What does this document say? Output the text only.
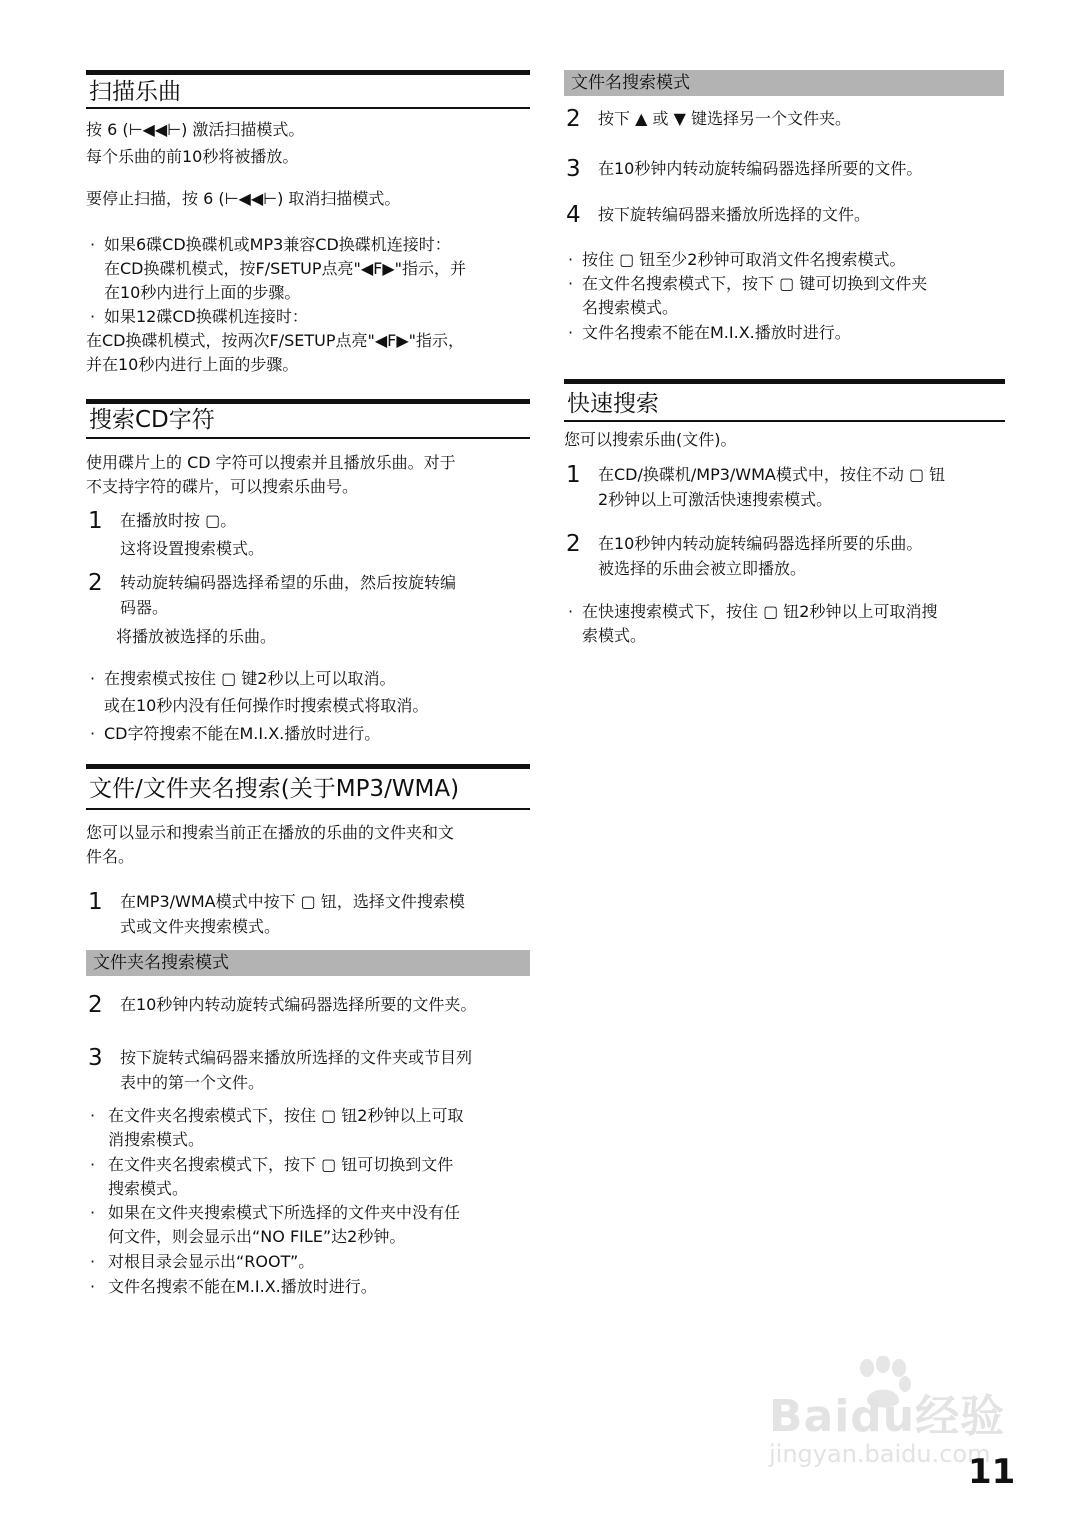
扫描乐曲
按 6 (⊢◀◀⊢) 激活扫描模式。
每个乐曲的前10秒将被播放。
要停止扫描，按 6 (⊢◀◀⊢) 取消扫描模式。
· 如果6碟CD换碟机或MP3兼容CD换碟机连接时：
在CD换碟机模式，按F/SETUP点亮"◀F▶"指示，并
在10秒内进行上面的步骤。
· 如果12碟CD换碟机连接时：
在CD换碟机模式，按两次F/SETUP点亮"◀F▶"指示，
并在10秒内进行上面的步骤。
搜索CD字符
使用碟片上的 CD 字符可以搜索并且播放乐曲。对于
不支持字符的碟片，可以搜索乐曲号。
1 在播放时按 ▢。
这将设置搜索模式。
2 转动旋转编码器选择希望的乐曲，然后按旋转编
码器。
将播放被选择的乐曲。
· 在搜索模式按住 ▢ 键2秒以上可以取消。
或在10秒内没有任何操作时搜索模式将取消。
· CD字符搜索不能在M.I.X.播放时进行。
文件/文件夹名搜索(关于MP3/WMA)
您可以显示和搜索当前正在播放的乐曲的文件夹和文
件名。
1 在MP3/WMA模式中按下 ▢ 钮，选择文件搜索模
式或文件夹搜索模式。
文件夹名搜索模式
2 在10秒钟内转动旋转式编码器选择所要的文件夹。
3 按下旋转式编码器来播放所选择的文件夹或节目列
表中的第一个文件。
· 在文件夹名搜索模式下，按住 ▢ 钮2秒钟以上可取
消搜索模式。
· 在文件夹名搜索模式下，按下 ▢ 钮可切换到文件
搜索模式。
· 如果在文件夹搜索模式下所选择的文件夹中没有任
何文件，则会显示出“NO FILE”达2秒钟。
· 对根目录会显示出“ROOT”。
· 文件名搜索不能在M.I.X.播放时进行。
文件名搜索模式
2 按下 ▲ 或 ▼ 键选择另一个文件夹。
3 在10秒钟内转动旋转编码器选择所要的文件。
4 按下旋转编码器来播放所选择的文件。
· 按住 ▢ 钮至少2秒钟可取消文件名搜索模式。
· 在文件名搜索模式下，按下 ▢ 键可切换到文件夹
名搜索模式。
· 文件名搜索不能在M.I.X.播放时进行。
快速搜索
您可以搜索乐曲(文件)。
1 在CD/换碟机/MP3/WMA模式中，按住不动 ▢ 钮
2秒钟以上可激活快速搜索模式。
2 在10秒钟内转动旋转编码器选择所要的乐曲。
被选择的乐曲会被立即播放。
· 在快速搜索模式下，按住 ▢ 钮2秒钟以上可取消搜
索模式。
Baidu经验
jingyan.baidu.com
11
